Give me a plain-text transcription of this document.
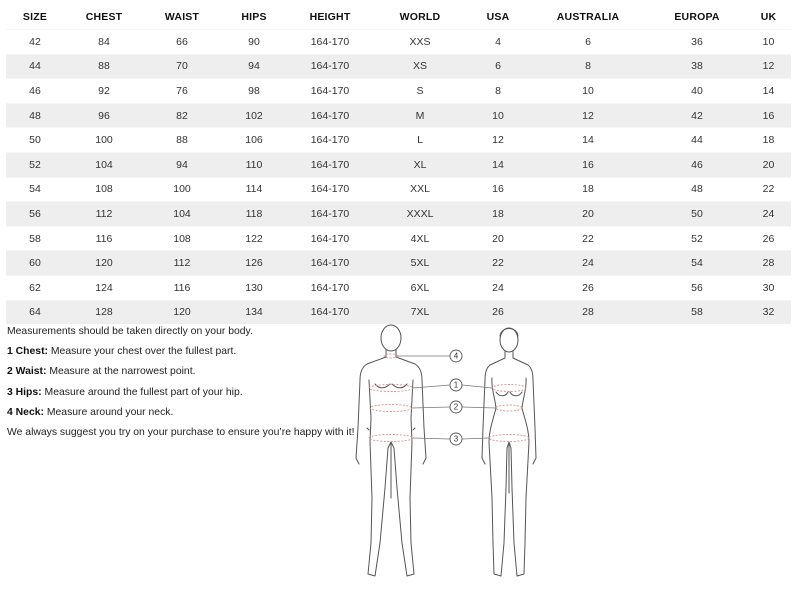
SIZE	CHEST	WAIST	HIPS	HEIGHT	WORLD	USA	AUSTRALIA	EUROPA	UK
42	84	66	90	164-170	XXS	4	6	36	10
44	88	70	94	164-170	XS	6	8	38	12
46	92	76	98	164-170	S	8	10	40	14
48	96	82	102	164-170	M	10	12	42	16
50	100	88	106	164-170	L	12	14	44	18
52	104	94	110	164-170	XL	14	16	46	20
54	108	100	114	164-170	XXL	16	18	48	22
56	112	104	118	164-170	XXXL	18	20	50	24
58	116	108	122	164-170	4XL	20	22	52	26
60	120	112	126	164-170	5XL	22	24	54	28
62	124	116	130	164-170	6XL	24	26	56	30
64	128	120	134	164-170	7XL	26	28	58	32

Measurements should be taken directly on your body.

1 Chest: Measure your chest over the fullest part.

2 Waist: Measure at the narrowest point.

3 Hips: Measure around the fullest part of your hip.

4 Neck: Measure around your neck.

We always suggest you try on your purchase to ensure you’re happy with it!

4
1
2
3
